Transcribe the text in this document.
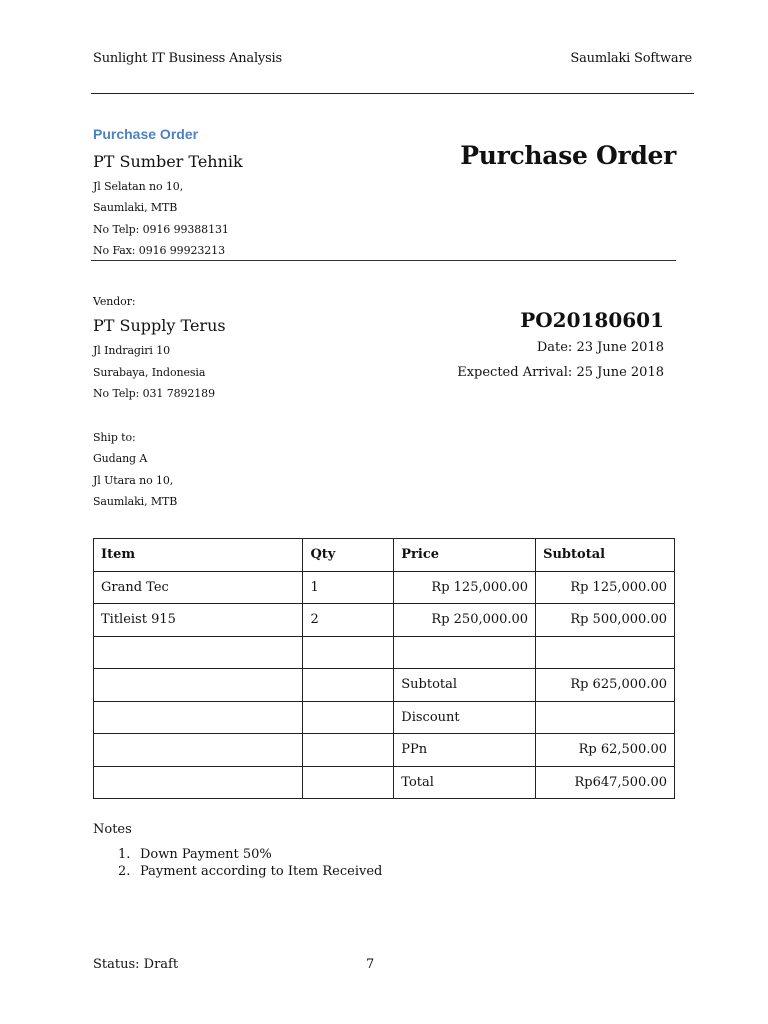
Sunlight IT Business Analysis	Saumlaki Software
Purchase Order
PT Sumber Tehnik
Jl Selatan no 10,
Saumlaki, MTB
No Telp: 0916 99388131
No Fax: 0916 99923213
Purchase Order
Vendor:
PT Supply Terus
Jl Indragiri 10
Surabaya, Indonesia
No Telp: 031 7892189
PO20180601
Date: 23 June 2018
Expected Arrival: 25 June 2018
Ship to:
Gudang A
Jl Utara no 10,
Saumlaki, MTB
Item	Qty	Price	Subtotal
Grand Tec	1	Rp 125,000.00	Rp 125,000.00
Titleist 915	2	Rp 250,000.00	Rp 500,000.00

		Subtotal	Rp 625,000.00
		Discount	
		PPn	Rp 62,500.00
		Total	Rp647,500.00
Notes
1. Down Payment 50%
2. Payment according to Item Received
Status: Draft	7
